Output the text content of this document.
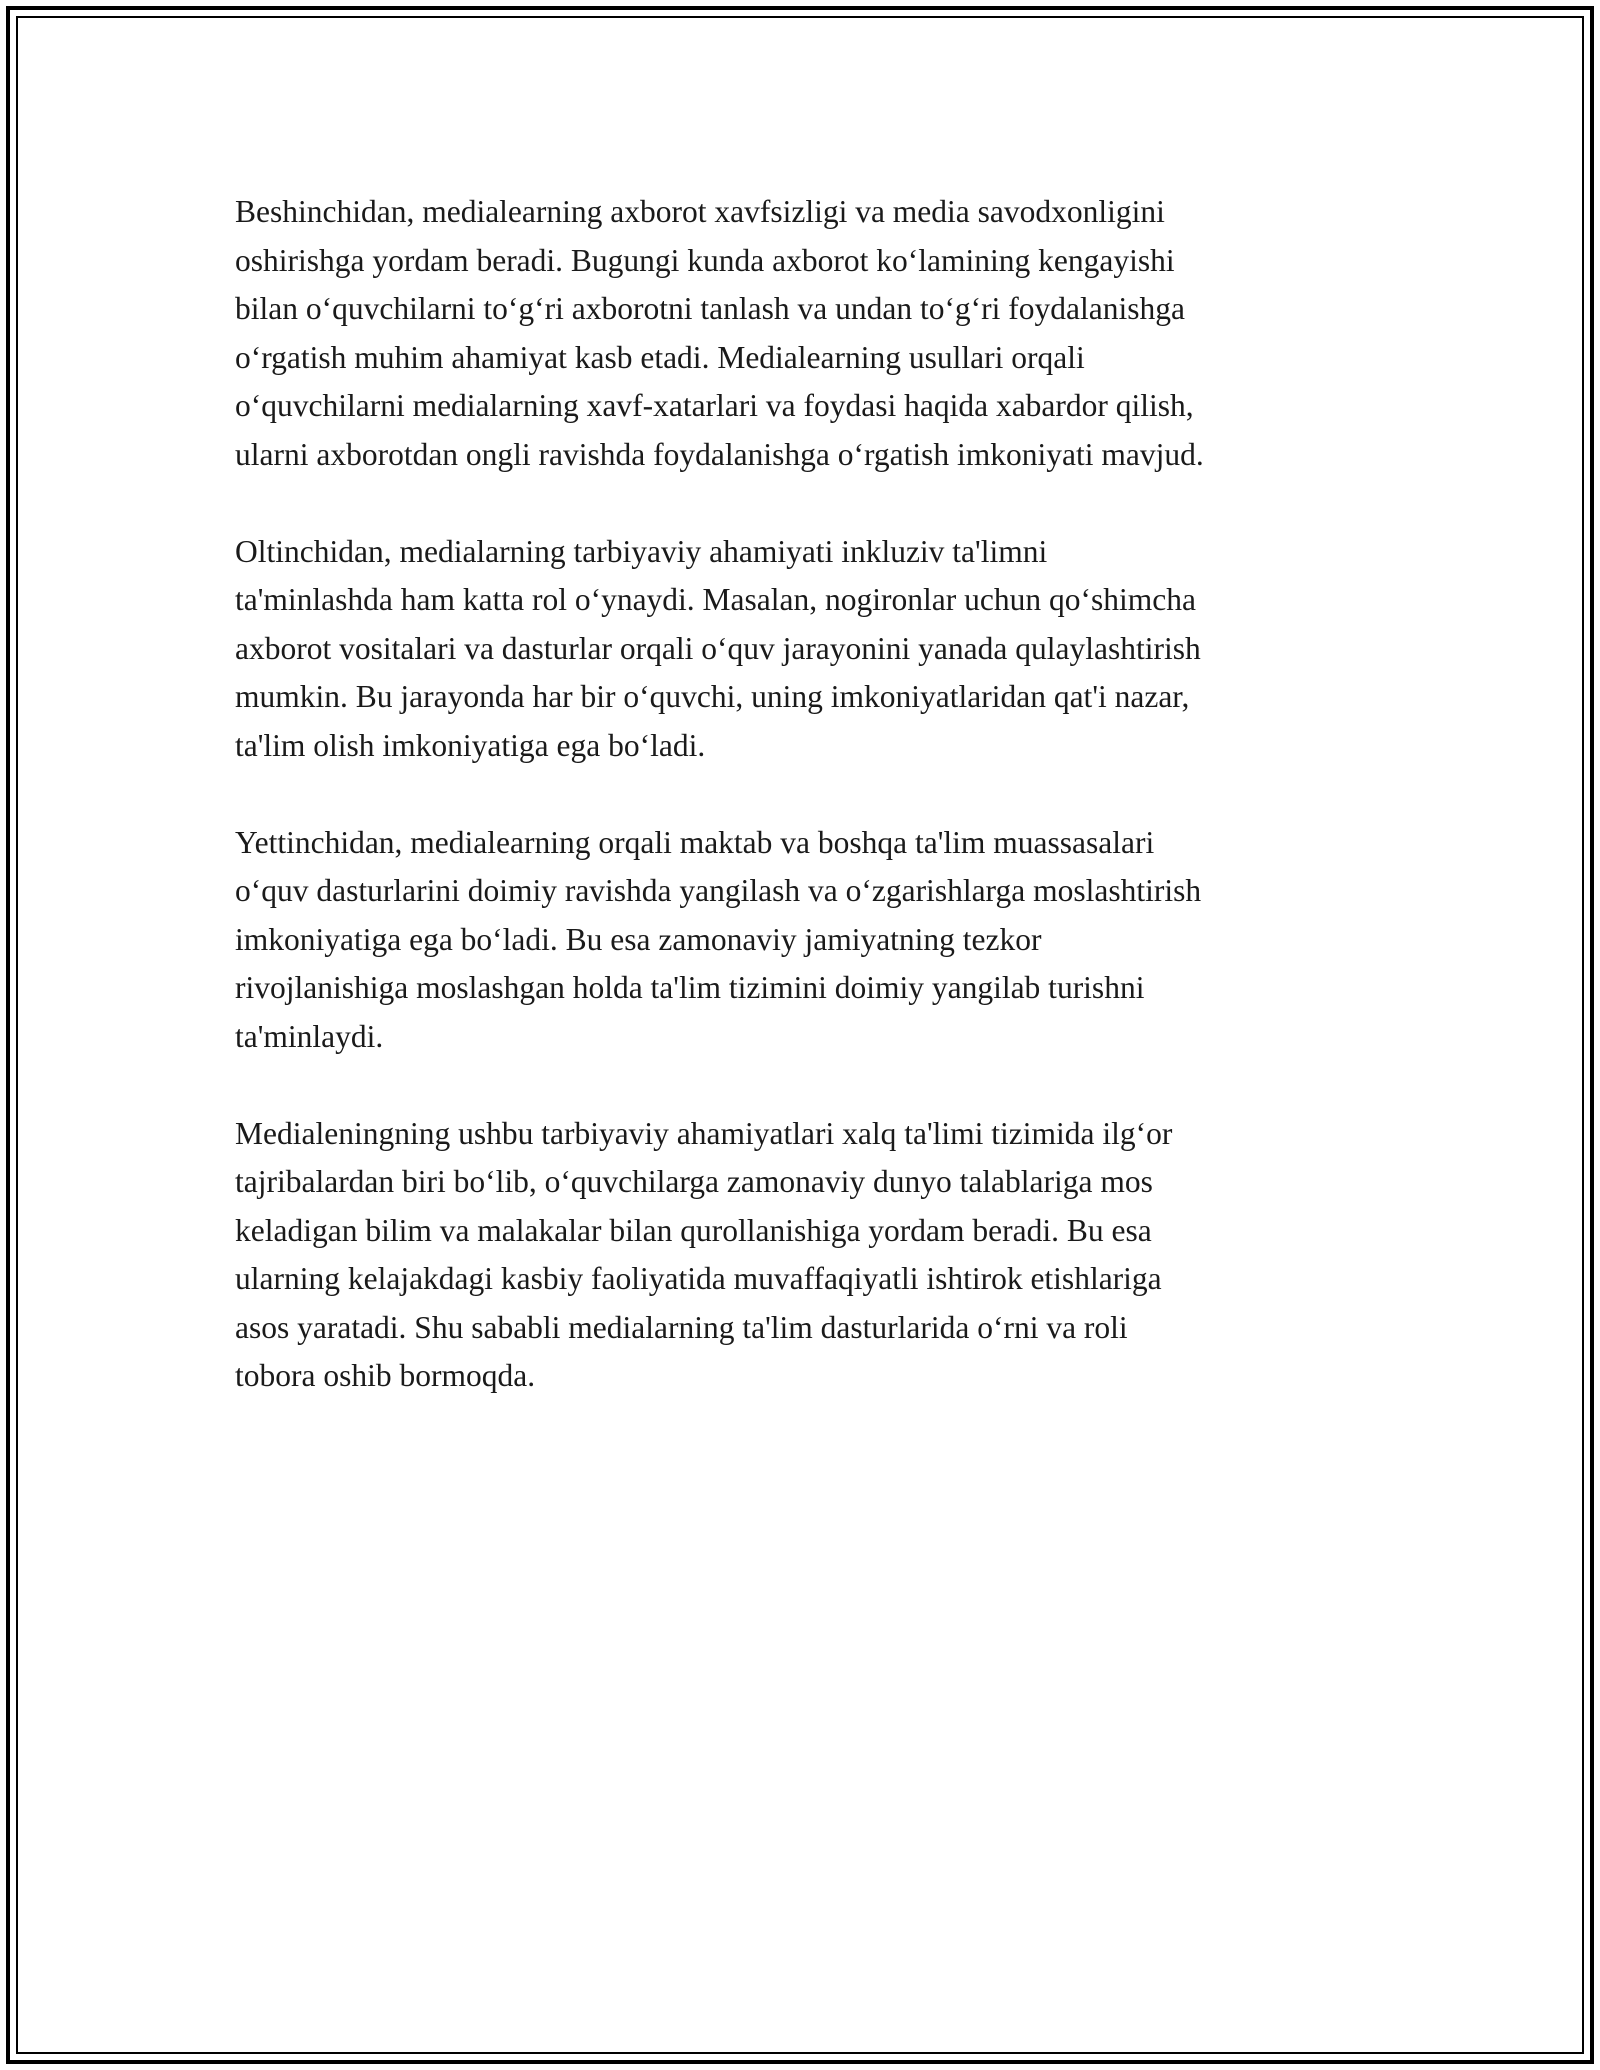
Beshinchidan, medialearning axborot xavfsizligi va media savodxonligini
oshirishga yordam beradi. Bugungi kunda axborot ko‘lamining kengayishi
bilan o‘quvchilarni to‘g‘ri axborotni tanlash va undan to‘g‘ri foydalanishga
o‘rgatish muhim ahamiyat kasb etadi. Medialearning usullari orqali
o‘quvchilarni medialarning xavf-xatarlari va foydasi haqida xabardor qilish,
ularni axborotdan ongli ravishda foydalanishga o‘rgatish imkoniyati mavjud.

Oltinchidan, medialarning tarbiyaviy ahamiyati inkluziv ta'limni
ta'minlashda ham katta rol o‘ynaydi. Masalan, nogironlar uchun qo‘shimcha
axborot vositalari va dasturlar orqali o‘quv jarayonini yanada qulaylashtirish
mumkin. Bu jarayonda har bir o‘quvchi, uning imkoniyatlaridan qat'i nazar,
ta'lim olish imkoniyatiga ega bo‘ladi.

Yettinchidan, medialearning orqali maktab va boshqa ta'lim muassasalari
o‘quv dasturlarini doimiy ravishda yangilash va o‘zgarishlarga moslashtirish
imkoniyatiga ega bo‘ladi. Bu esa zamonaviy jamiyatning tezkor
rivojlanishiga moslashgan holda ta'lim tizimini doimiy yangilab turishni
ta'minlaydi.

Medialeningning ushbu tarbiyaviy ahamiyatlari xalq ta'limi tizimida ilg‘or
tajribalardan biri bo‘lib, o‘quvchilarga zamonaviy dunyo talablariga mos
keladigan bilim va malakalar bilan qurollanishiga yordam beradi. Bu esa
ularning kelajakdagi kasbiy faoliyatida muvaffaqiyatli ishtirok etishlariga
asos yaratadi. Shu sababli medialarning ta'lim dasturlarida o‘rni va roli
tobora oshib bormoqda.
